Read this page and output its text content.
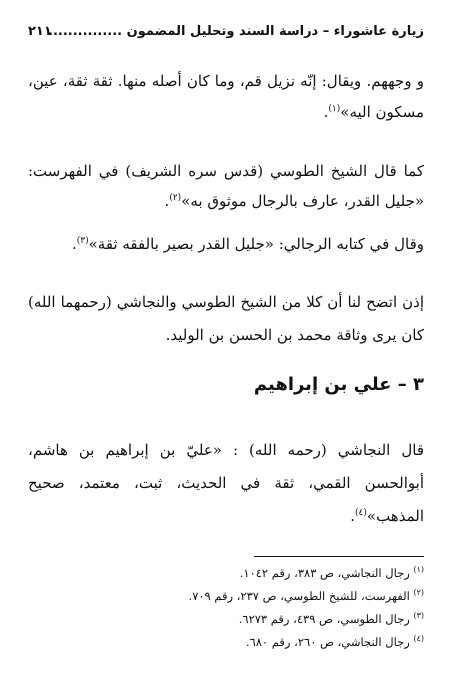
زيارة عاشوراء – دراسة السند وتحليل المضمون ...............
٢١١

و وجههم. ويقال: إنّه نزيل قم، وما كان أصله منها. ثقة ثقة، عين، مسكون اليه»$^{(١)}$.

كما قال الشيخ الطوسي (قدس سره الشريف) في الفهرست: «جليل القدر، عارف بالرجال موثوق به»$^{(٢)}$.

وقال في كتابه الرجالي: «جليل القدر بصير بالفقه ثقة»$^{(٣)}$.

إذن اتضح لنا أن كلا من الشيخ الطوسي والنجاشي (رحمهما الله) كان يرى وثاقة محمد بن الحسن بن الوليد.

٣ – علي بن إبراهيم

قال النجاشي (رحمه الله) : «عليّ بن إبراهيم بن هاشم، أبوالحسن القمي، ثقة في الحديث، ثبت، معتمد، صحيح المذهب»$^{(٤)}$.

$^{(١)}$ رجال النجاشي، ص ٣٨٣، رقم ١٠٤٢.
$^{(٢)}$ الفهرست، للشيخ الطوسي، ص ٢٣٧، رقم ٧٠٩.
$^{(٣)}$ رجال الطوسي، ص ٤٣٩، رقم ٦٢٧٣.
$^{(٤)}$ رجال النجاشي، ص ٢٦٠، رقم ٦٨٠.
